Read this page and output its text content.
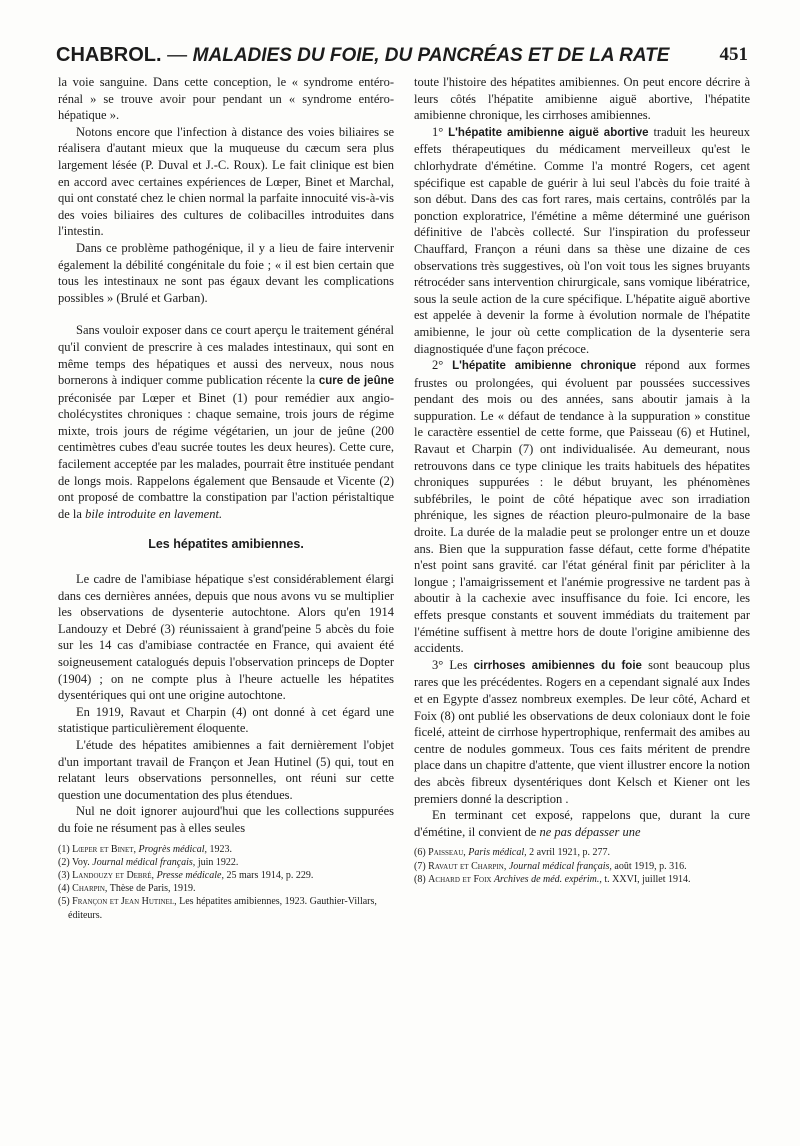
CHABROL. — MALADIES DU FOIE, DU PANCRÉAS ET DE LA RATE	451

la voie sanguine. Dans cette conception, le « syndrome entéro-rénal » se trouve avoir pour pendant un « syndrome entéro-hépatique ».

Notons encore que l'infection à distance des voies biliaires se réalisera d'autant mieux que la muqueuse du cæcum sera plus largement lésée (P. Duval et J.-C. Roux). Le fait clinique est bien en accord avec certaines expériences de Lœper, Binet et Marchal, qui ont constaté chez le chien normal la parfaite innocuité vis-à-vis des voies biliaires des cultures de colibacilles introduites dans l'intestin.

Dans ce problème pathogénique, il y a lieu de faire intervenir également la débilité congénitale du foie ; « il est bien certain que tous les intestinaux ne sont pas égaux devant les complications possibles » (Brulé et Garban).

Sans vouloir exposer dans ce court aperçu le traitement général qu'il convient de prescrire à ces malades intestinaux, qui sont en même temps des hépatiques et aussi des nerveux, nous nous bornerons à indiquer comme publication récente la cure de jeûne préconisée par Lœper et Binet (1) pour remédier aux angio-cholécystites chroniques : chaque semaine, trois jours de régime mixte, trois jours de régime végétarien, un jour de jeûne (200 centimètres cubes d'eau sucrée toutes les deux heures). Cette cure, facilement acceptée par les malades, pourrait être instituée pendant de longs mois. Rappelons également que Bensaude et Vicente (2) ont proposé de combattre la constipation par l'action péristaltique de la bile introduite en lavement.

Les hépatites amibiennes.

Le cadre de l'amibiase hépatique s'est considérablement élargi dans ces dernières années, depuis que nous avons vu se multiplier les observations de dysenterie autochtone. Alors qu'en 1914 Landouzy et Debré (3) réunissaient à grand'peine 5 abcès du foie sur les 14 cas d'amibiase contractée en France, qui avaient été soigneusement catalogués depuis l'observation princeps de Dopter (1904) ; on ne compte plus à l'heure actuelle les hépatites dysentériques qui ont une origine autochtone.

En 1919, Ravaut et Charpin (4) ont donné à cet égard une statistique particulièrement éloquente.

L'étude des hépatites amibiennes a fait dernièrement l'objet d'un important travail de Françon et Jean Hutinel (5) qui, tout en relatant leurs observations personnelles, ont réuni sur cette question une documentation des plus étendues.

Nul ne doit ignorer aujourd'hui que les collections suppurées du foie ne résument pas à elles seules

(1) Lœper et Binet, Progrès médical, 1923.

(2) Voy. Journal médical français, juin 1922.

(3) Landouzy et Debré, Presse médicale, 25 mars 1914, p. 229.

(4) Charpin, Thèse de Paris, 1919.

(5) Françon et Jean Hutinel, Les hépatites amibiennes, 1923. Gauthier-Villars, éditeurs.

toute l'histoire des hépatites amibiennes. On peut encore décrire à leurs côtés l'hépatite amibienne aiguë abortive, l'hépatite amibienne chronique, les cirrhoses amibiennes.

1° L'hépatite amibienne aiguë abortive traduit les heureux effets thérapeutiques du médicament merveilleux qu'est le chlorhydrate d'émétine. Comme l'a montré Rogers, cet agent spécifique est capable de guérir à lui seul l'abcès du foie traité à son début. Dans des cas fort rares, mais certains, contrôlés par la ponction exploratrice, l'émétine a même déterminé une guérison définitive de l'abcès collecté. Sur l'inspiration du professeur Chauffard, Françon a réuni dans sa thèse une dizaine de ces observations très suggestives, où l'on voit tous les signes bruyants rétrocéder sans intervention chirurgicale, sans vomique libératrice, sous la seule action de la cure spécifique. L'hépatite aiguë abortive est appelée à devenir la forme à évolution normale de l'hépatite amibienne, le jour où cette complication de la dysenterie sera diagnostiquée d'une façon précoce.

2° L'hépatite amibienne chronique répond aux formes frustes ou prolongées, qui évoluent par poussées successives pendant des mois ou des années, sans aboutir jamais à la suppuration. Le « défaut de tendance à la suppuration » constitue le caractère essentiel de cette forme, que Paisseau (6) et Hutinel, Ravaut et Charpin (7) ont individualisée. Au demeurant, nous retrouvons dans ce type clinique les traits habituels des hépatites chroniques suppurées : le début bruyant, les phénomènes subfébriles, le point de côté hépatique avec son irradiation phrénique, les signes de réaction pleuro-pulmonaire de la base droite. La durée de la maladie peut se prolonger entre un et douze ans. Bien que la suppuration fasse défaut, cette forme d'hépatite n'est point sans gravité. car l'état général finit par péricliter à la longue ; l'amaigrissement et l'anémie progressive ne tardent pas à aboutir à la cachexie avec insuffisance du foie. Ici encore, les effets presque constants et souvent immédiats du traitement par l'émétine suffisent à mettre hors de doute l'origine amibienne des accidents.

3° Les cirrhoses amibiennes du foie sont beaucoup plus rares que les précédentes. Rogers en a cependant signalé aux Indes et en Egypte d'assez nombreux exemples. De leur côté, Achard et Foix (8) ont publié les observations de deux coloniaux dont le foie ficelé, atteint de cirrhose hypertrophique, renfermait des amibes au centre de nodules gommeux. Tous ces faits méritent de prendre place dans un chapitre d'attente, que vient illustrer encore la notion des abcès fibreux dysentériques dont Kelsch et Kiener ont les premiers donné la description .

En terminant cet exposé, rappelons que, durant la cure d'émétine, il convient de ne pas dépasser une

(6) Paisseau, Paris médical, 2 avril 1921, p. 277.

(7) Ravaut et Charpin, Journal médical français, août 1919, p. 316.

(8) Achard et Foix Archives de méd. expérim., t. XXVI, juillet 1914.
